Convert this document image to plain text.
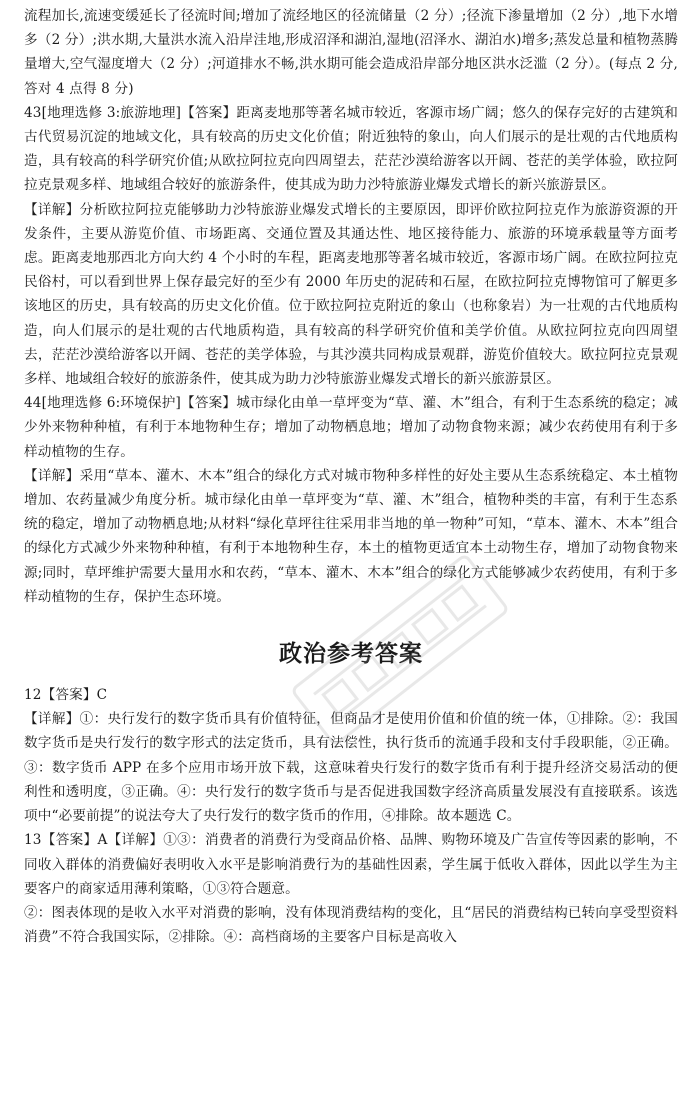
流程加长,流速变缓延长了径流时间;增加了流经地区的径流储量（2 分）;径流下渗量增加（2 分）,地下水增多（2 分）;洪水期,大量洪水流入沿岸洼地,形成沼泽和湖泊,湿地(沼泽水、湖泊水)增多;蒸发总量和植物蒸腾量增大,空气湿度增大（2 分）;河道排水不畅,洪水期可能会造成沿岸部分地区洪水泛滥（2 分）。(每点 2 分,答对 4 点得 8 分)

43[地理选修 3:旅游地理]【答案】距离麦地那等著名城市较近，客源市场广阔；悠久的保存完好的古建筑和古代贸易沉淀的地域文化，具有较高的历史文化价值；附近独特的象山，向人们展示的是壮观的古代地质构造，具有较高的科学研究价值;从欧拉阿拉克向四周望去，茫茫沙漠给游客以开阔、苍茫的美学体验，欧拉阿拉克景观多样、地域组合较好的旅游条件，使其成为助力沙特旅游业爆发式增长的新兴旅游景区。

【详解】分析欧拉阿拉克能够助力沙特旅游业爆发式增长的主要原因，即评价欧拉阿拉克作为旅游资源的开发条件，主要从游览价值、市场距离、交通位置及其通达性、地区接待能力、旅游的环境承载量等方面考虑。距离麦地那西北方向大约 4 个小时的车程，距离麦地那等著名城市较近，客源市场广阔。在欧拉阿拉克民俗村，可以看到世界上保存最完好的至少有 2000 年历史的泥砖和石屋，在欧拉阿拉克博物馆可了解更多该地区的历史，具有较高的历史文化价值。位于欧拉阿拉克附近的象山（也称象岩）为一壮观的古代地质构造，向人们展示的是壮观的古代地质构造，具有较高的科学研究价值和美学价值。从欧拉阿拉克向四周望去，茫茫沙漠给游客以开阔、苍茫的美学体验，与其沙漠共同构成景观群，游览价值较大。欧拉阿拉克景观多样、地域组合较好的旅游条件，使其成为助力沙特旅游业爆发式增长的新兴旅游景区。

44[地理选修 6:环境保护]【答案】城市绿化由单一草坪变为“草、灌、木”组合，有利于生态系统的稳定；减少外来物种种植，有利于本地物种生存；增加了动物栖息地；增加了动物食物来源；减少农药使用有利于多样动植物的生存。

【详解】采用“草本、灌木、木本”组合的绿化方式对城市物种多样性的好处主要从生态系统稳定、本土植物增加、农药量减少角度分析。城市绿化由单一草坪变为“草、灌、木”组合，植物种类的丰富，有利于生态系统的稳定，增加了动物栖息地;从材料“绿化草坪往往采用非当地的单一物种”可知，“草本、灌木、木本”组合的绿化方式减少外来物种种植，有利于本地物种生存，本土的植物更适宜本土动物生存，增加了动物食物来源;同时，草坪维护需要大量用水和农药，“草本、灌木、木本”组合的绿化方式能够减少农药使用，有利于多样动植物的生存，保护生态环境。

政治参考答案

12【答案】C

【详解】①：央行发行的数字货币具有价值特征，但商品才是使用价值和价值的统一体，①排除。②：我国数字货币是央行发行的数字形式的法定货币，具有法偿性，执行货币的流通手段和支付手段职能，②正确。③：数字货币 APP 在多个应用市场开放下载，这意味着央行发行的数字货币有利于提升经济交易活动的便利性和透明度，③正确。④：央行发行的数字货币与是否促进我国数字经济高质量发展没有直接联系。该选项中“必要前提”的说法夸大了央行发行的数字货币的作用，④排除。故本题选 C。

13【答案】A【详解】①③：消费者的消费行为受商品价格、品牌、购物环境及广告宣传等因素的影响，不同收入群体的消费偏好表明收入水平是影响消费行为的基础性因素，学生属于低收入群体，因此以学生为主要客户的商家适用薄利策略，①③符合题意。

②：图表体现的是收入水平对消费的影响，没有体现消费结构的变化，且“居民的消费结构已转向享受型资料消费”不符合我国实际，②排除。④：高档商场的主要客户目标是高收入
